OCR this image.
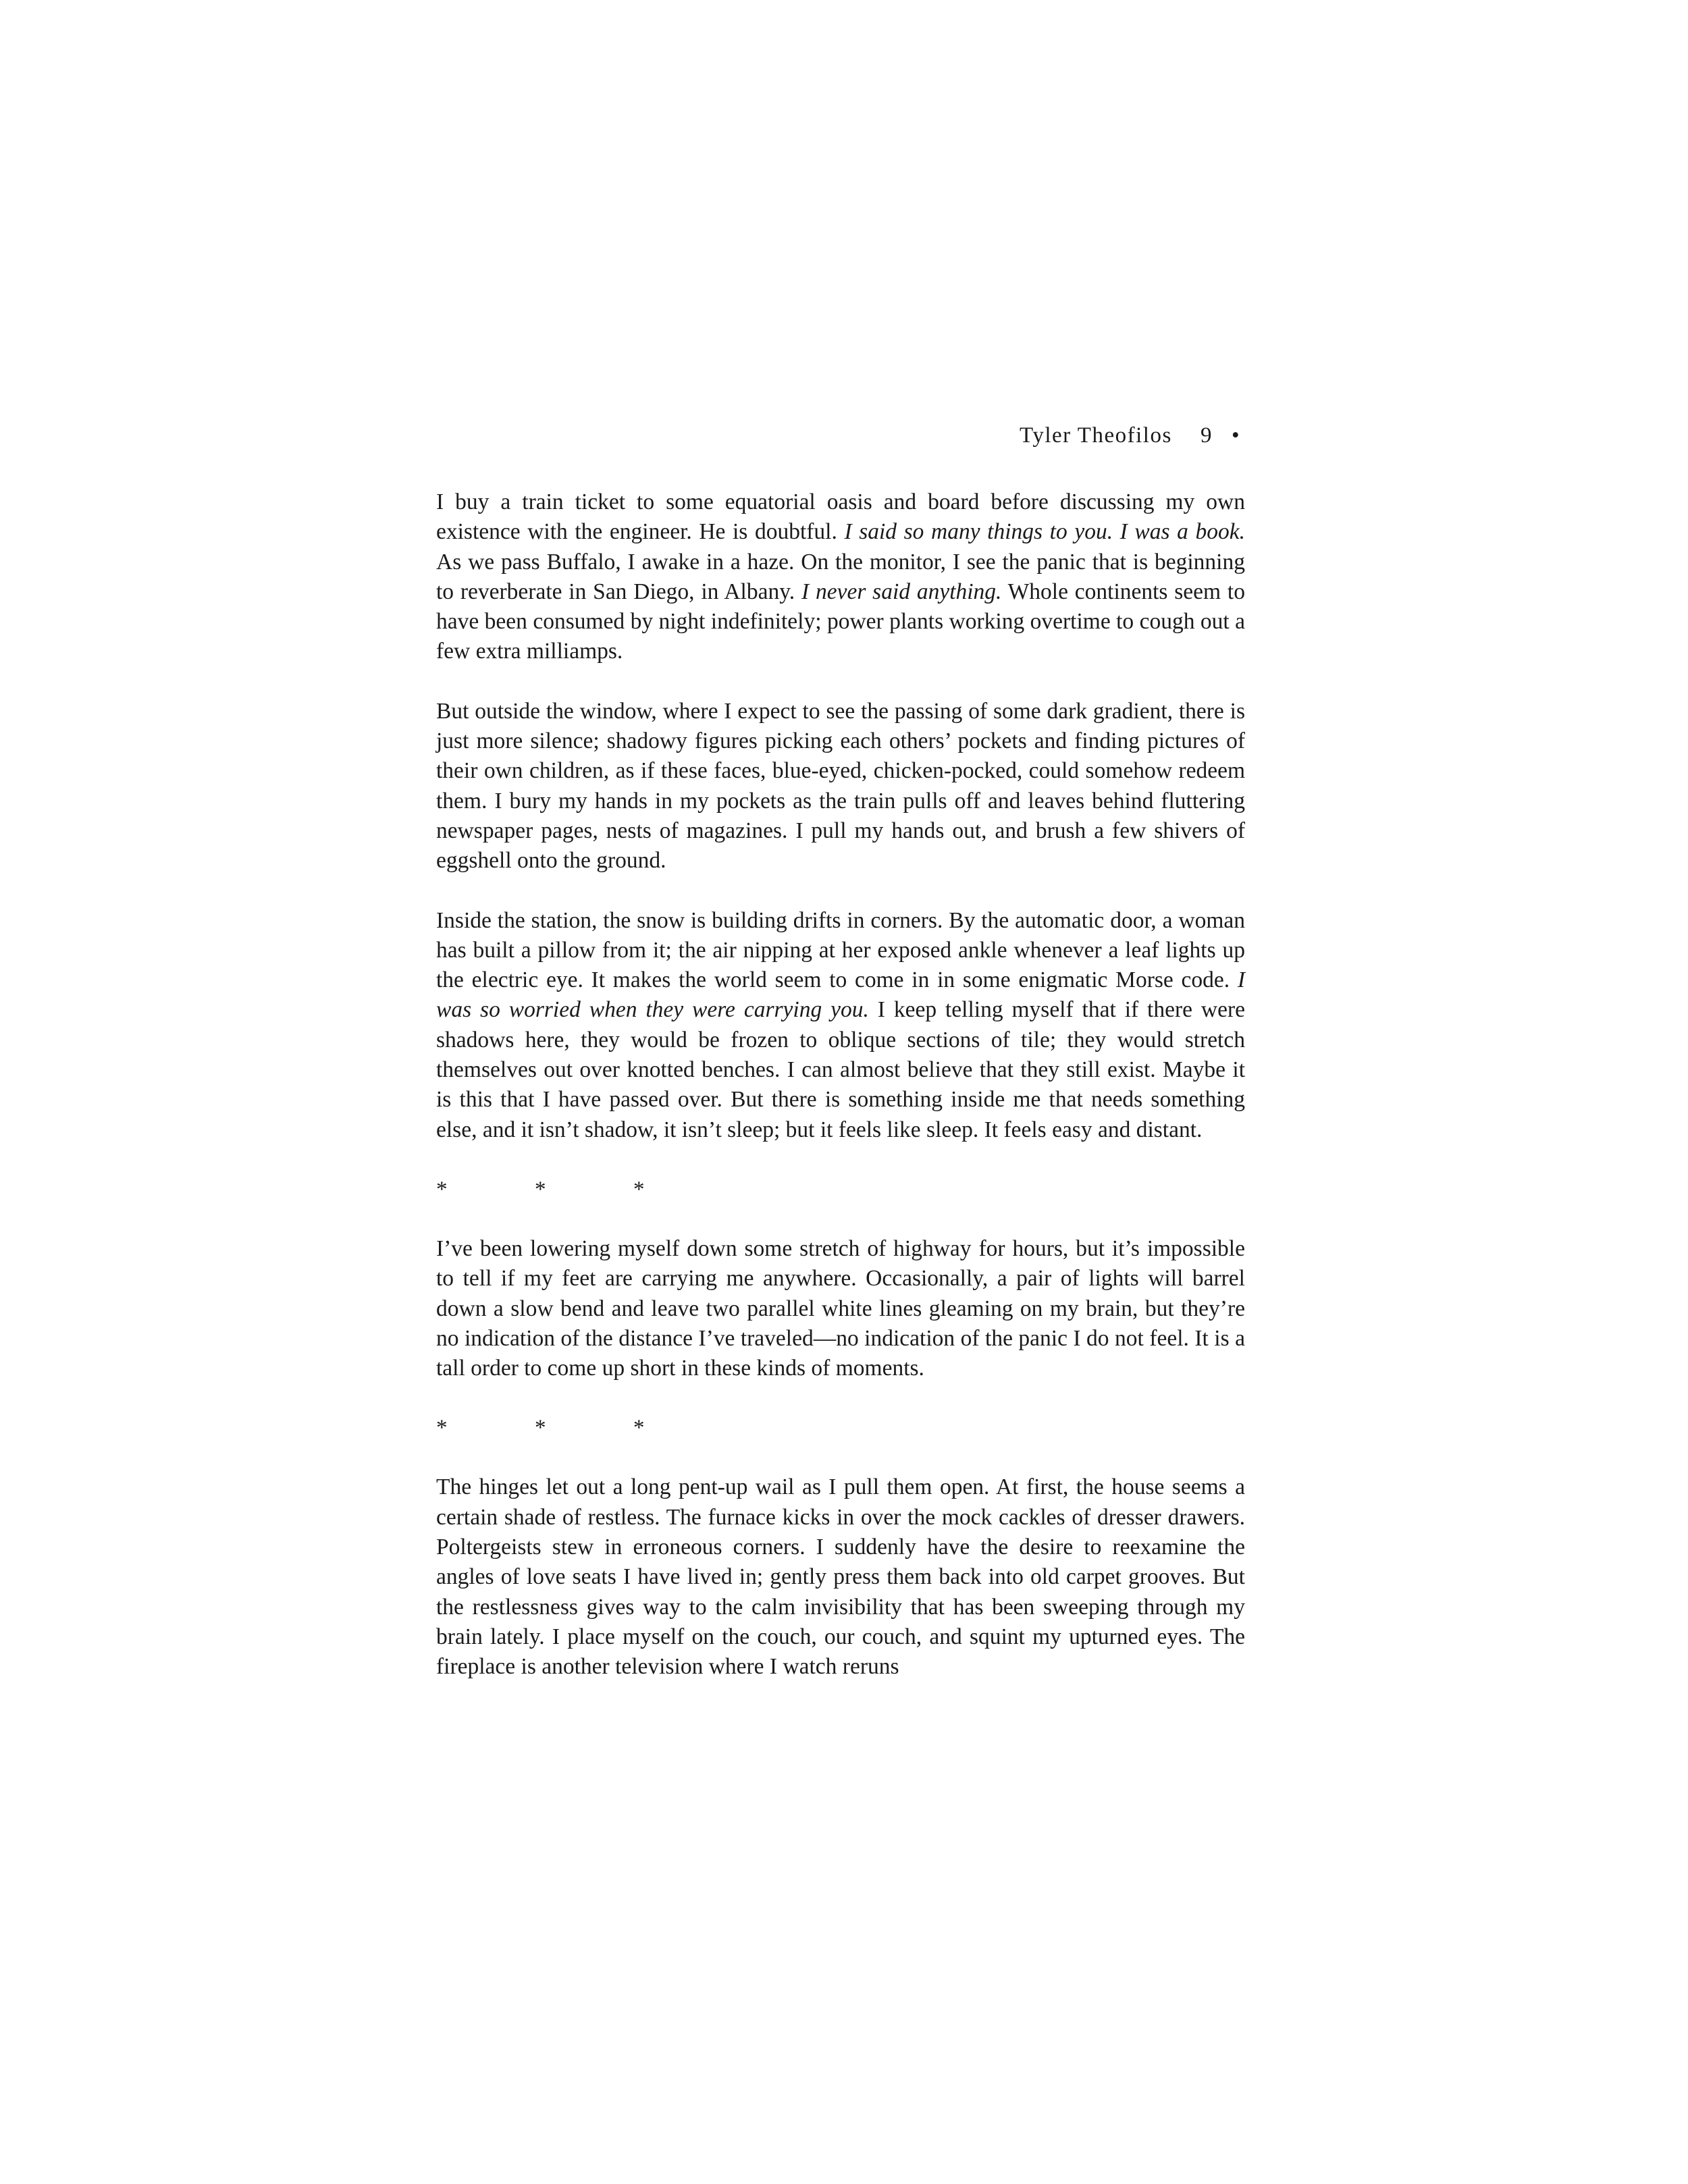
Tyler Theofilos 9 •

I buy a train ticket to some equatorial oasis and board before discussing my own existence with the engineer. He is doubtful. I said so many things to you. I was a book. As we pass Buffalo, I awake in a haze. On the monitor, I see the panic that is beginning to reverberate in San Diego, in Albany. I never said anything. Whole continents seem to have been consumed by night indefinitely; power plants working overtime to cough out a few extra milliamps.

But outside the window, where I expect to see the passing of some dark gradient, there is just more silence; shadowy figures picking each others’ pockets and finding pictures of their own children, as if these faces, blue-eyed, chicken-pocked, could somehow redeem them. I bury my hands in my pockets as the train pulls off and leaves behind fluttering newspaper pages, nests of magazines. I pull my hands out, and brush a few shivers of eggshell onto the ground.

Inside the station, the snow is building drifts in corners. By the automatic door, a woman has built a pillow from it; the air nipping at her exposed ankle whenever a leaf lights up the electric eye. It makes the world seem to come in in some enigmatic Morse code. I was so worried when they were carrying you. I keep telling myself that if there were shadows here, they would be frozen to oblique sections of tile; they would stretch themselves out over knotted benches. I can almost believe that they still exist. Maybe it is this that I have passed over. But there is something inside me that needs something else, and it isn’t shadow, it isn’t sleep; but it feels like sleep. It feels easy and distant.

*	*	*

I’ve been lowering myself down some stretch of highway for hours, but it’s impossible to tell if my feet are carrying me anywhere. Occasionally, a pair of lights will barrel down a slow bend and leave two parallel white lines gleaming on my brain, but they’re no indication of the distance I’ve traveled—no indication of the panic I do not feel. It is a tall order to come up short in these kinds of moments.

*	*	*

The hinges let out a long pent-up wail as I pull them open. At first, the house seems a certain shade of restless. The furnace kicks in over the mock cackles of dresser drawers. Poltergeists stew in erroneous corners. I suddenly have the desire to reexamine the angles of love seats I have lived in; gently press them back into old carpet grooves. But the restlessness gives way to the calm invisibility that has been sweeping through my brain lately. I place myself on the couch, our couch, and squint my upturned eyes. The fireplace is another television where I watch reruns
